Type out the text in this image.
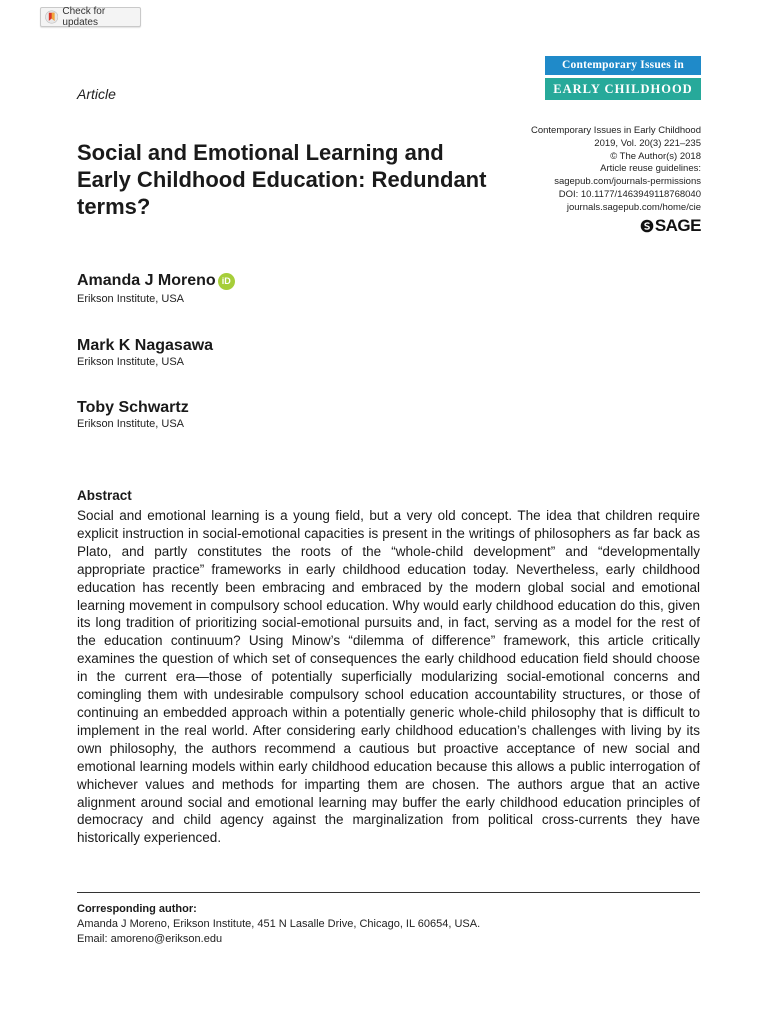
Check for updates
Contemporary Issues in
EARLY CHILDHOOD
Article
Contemporary Issues in Early Childhood
2019, Vol. 20(3) 221–235
© The Author(s) 2018
Article reuse guidelines:
sagepub.com/journals-permissions
DOI: 10.1177/1463949118768040
journals.sagepub.com/home/cie
SAGE
Social and Emotional Learning and Early Childhood Education: Redundant terms?
Amanda J Moreno iD
Erikson Institute, USA
Mark K Nagasawa
Erikson Institute, USA
Toby Schwartz
Erikson Institute, USA
Abstract

Social and emotional learning is a young field, but a very old concept. The idea that children require explicit instruction in social-emotional capacities is present in the writings of philosophers as far back as Plato, and partly constitutes the roots of the “whole-child development” and “developmentally appropriate practice” frameworks in early childhood education today. Nevertheless, early childhood education has recently been embracing and embraced by the modern global social and emotional learning movement in compulsory school education. Why would early childhood education do this, given its long tradition of prioritizing social-emotional pursuits and, in fact, serving as a model for the rest of the education continuum? Using Minow’s “dilemma of difference” framework, this article critically examines the question of which set of consequences the early childhood education field should choose in the current era—those of potentially superficially modularizing social-emotional concerns and comingling them with undesirable compulsory school education accountability structures, or those of continuing an embedded approach within a potentially generic whole-child philosophy that is difficult to implement in the real world. After considering early childhood education’s challenges with living by its own philosophy, the authors recommend a cautious but proactive acceptance of new social and emotional learning models within early childhood education because this allows a public interrogation of whichever values and methods for imparting them are chosen. The authors argue that an active alignment around social and emotional learning may buffer the early childhood education principles of democracy and child agency against the marginalization from political cross-currents they have historically experienced.

Corresponding author:
Amanda J Moreno, Erikson Institute, 451 N Lasalle Drive, Chicago, IL 60654, USA.
Email: amoreno@erikson.edu
